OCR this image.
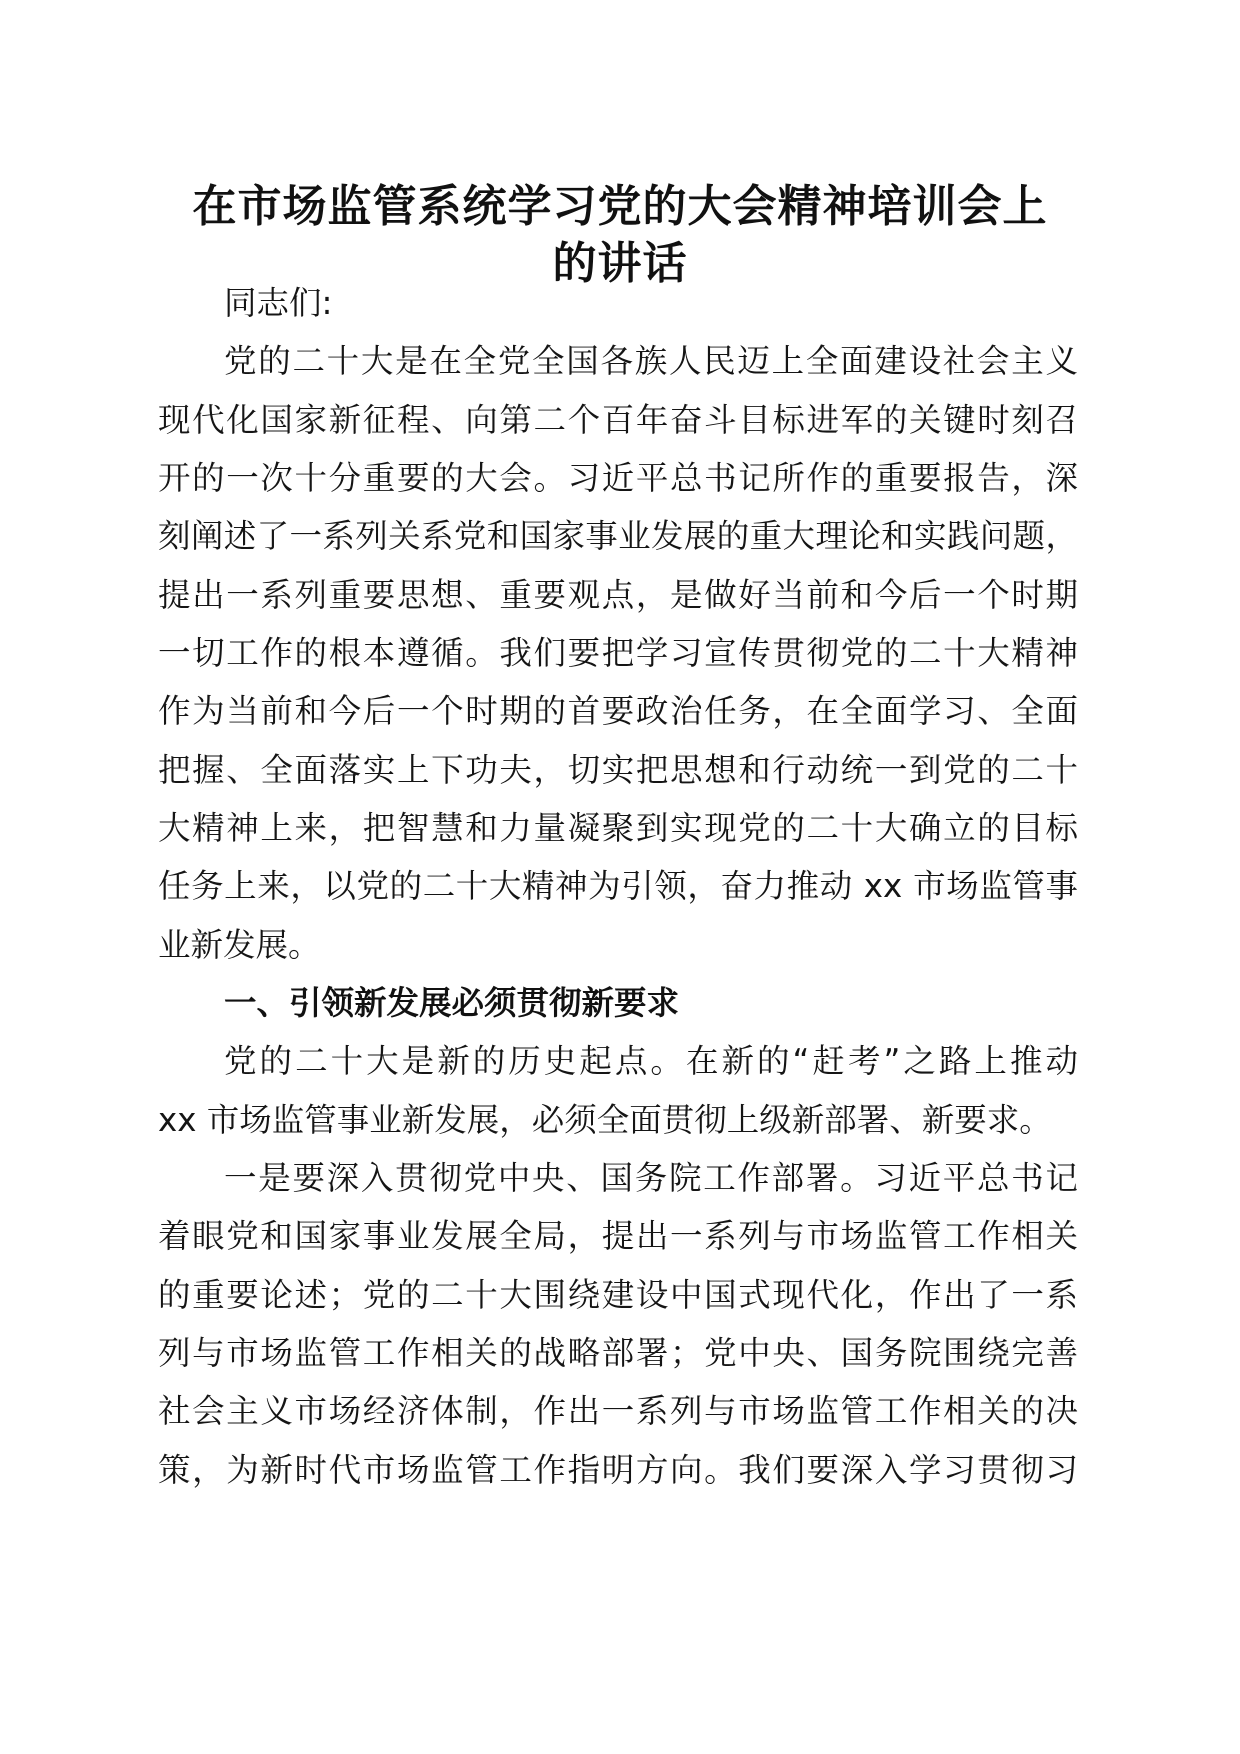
在市场监管系统学习党的大会精神培训会上
的讲话
同志们:
党的二十大是在全党全国各族人民迈上全面建设社会主义
现代化国家新征程、向第二个百年奋斗目标进军的关键时刻召
开的一次十分重要的大会。习近平总书记所作的重要报告，深
刻阐述了一系列关系党和国家事业发展的重大理论和实践问题，
提出一系列重要思想、重要观点，是做好当前和今后一个时期
一切工作的根本遵循。我们要把学习宣传贯彻党的二十大精神
作为当前和今后一个时期的首要政治任务，在全面学习、全面
把握、全面落实上下功夫，切实把思想和行动统一到党的二十
大精神上来，把智慧和力量凝聚到实现党的二十大确立的目标
任务上来，以党的二十大精神为引领，奋力推动 xx 市场监管事
业新发展。
一、引领新发展必须贯彻新要求
党的二十大是新的历史起点。在新的“赶考”之路上推动
xx 市场监管事业新发展，必须全面贯彻上级新部署、新要求。
一是要深入贯彻党中央、国务院工作部署。习近平总书记
着眼党和国家事业发展全局，提出一系列与市场监管工作相关
的重要论述；党的二十大围绕建设中国式现代化，作出了一系
列与市场监管工作相关的战略部署；党中央、国务院围绕完善
社会主义市场经济体制，作出一系列与市场监管工作相关的决
策，为新时代市场监管工作指明方向。我们要深入学习贯彻习
